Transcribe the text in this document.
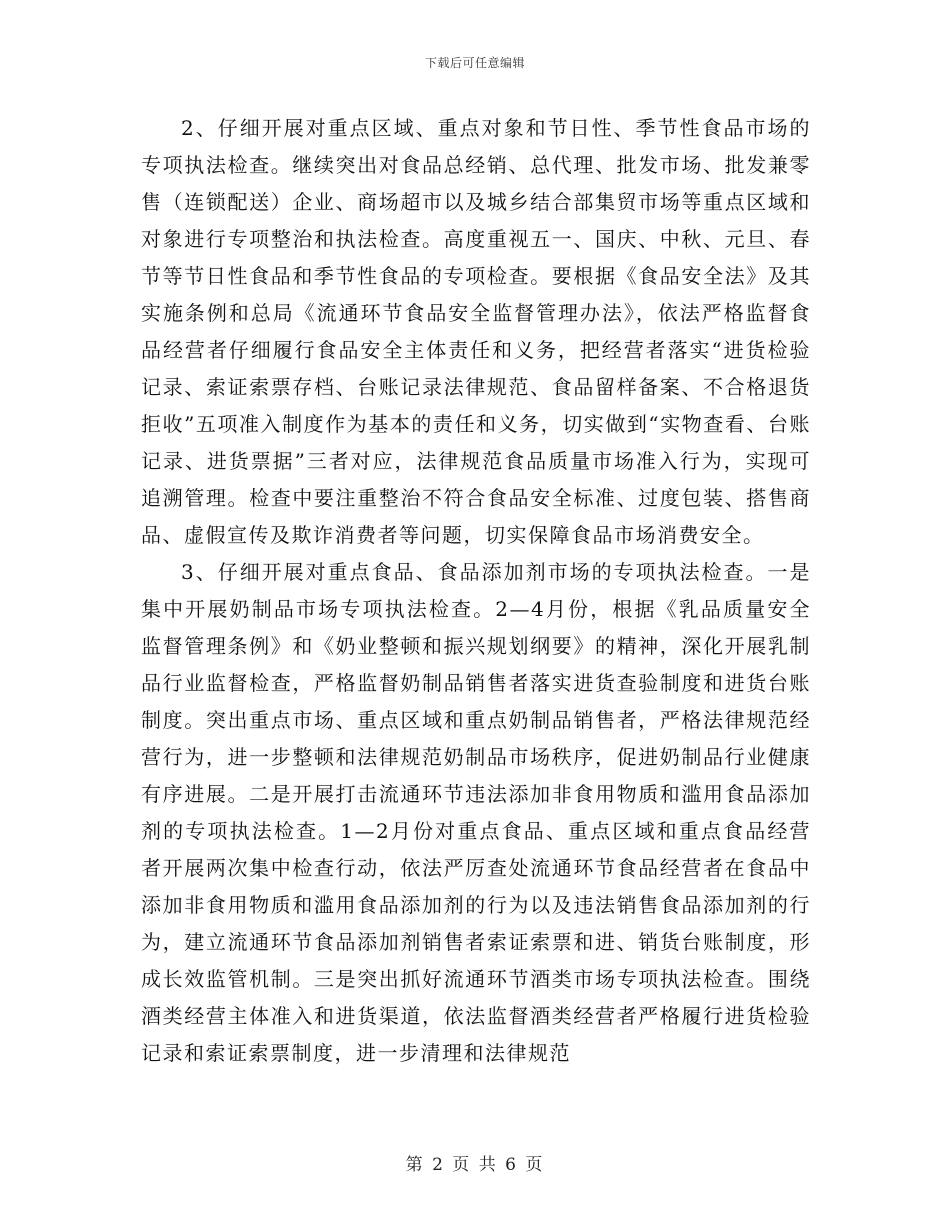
下载后可任意编辑

2、仔细开展对重点区域、重点对象和节日性、季节性食品市场的专项执法检查。继续突出对食品总经销、总代理、批发市场、批发兼零售（连锁配送）企业、商场超市以及城乡结合部集贸市场等重点区域和对象进行专项整治和执法检查。高度重视五一、国庆、中秋、元旦、春节等节日性食品和季节性食品的专项检查。要根据《食品安全法》及其实施条例和总局《流通环节食品安全监督管理办法》，依法严格监督食品经营者仔细履行食品安全主体责任和义务，把经营者落实“进货检验记录、索证索票存档、台账记录法律规范、食品留样备案、不合格退货拒收”五项准入制度作为基本的责任和义务，切实做到“实物查看、台账记录、进货票据”三者对应，法律规范食品质量市场准入行为，实现可追溯管理。检查中要注重整治不符合食品安全标准、过度包装、搭售商品、虚假宣传及欺诈消费者等问题，切实保障食品市场消费安全。

3、仔细开展对重点食品、食品添加剂市场的专项执法检查。一是集中开展奶制品市场专项执法检查。2—4月份，根据《乳品质量安全监督管理条例》和《奶业整顿和振兴规划纲要》的精神，深化开展乳制品行业监督检查，严格监督奶制品销售者落实进货查验制度和进货台账制度。突出重点市场、重点区域和重点奶制品销售者，严格法律规范经营行为，进一步整顿和法律规范奶制品市场秩序，促进奶制品行业健康有序进展。二是开展打击流通环节违法添加非食用物质和滥用食品添加剂的专项执法检查。1—2月份对重点食品、重点区域和重点食品经营者开展两次集中检查行动，依法严厉查处流通环节食品经营者在食品中添加非食用物质和滥用食品添加剂的行为以及违法销售食品添加剂的行为，建立流通环节食品添加剂销售者索证索票和进、销货台账制度，形成长效监管机制。三是突出抓好流通环节酒类市场专项执法检查。围绕酒类经营主体准入和进货渠道，依法监督酒类经营者严格履行进货检验记录和索证索票制度，进一步清理和法律规范

第 2 页 共 6 页
